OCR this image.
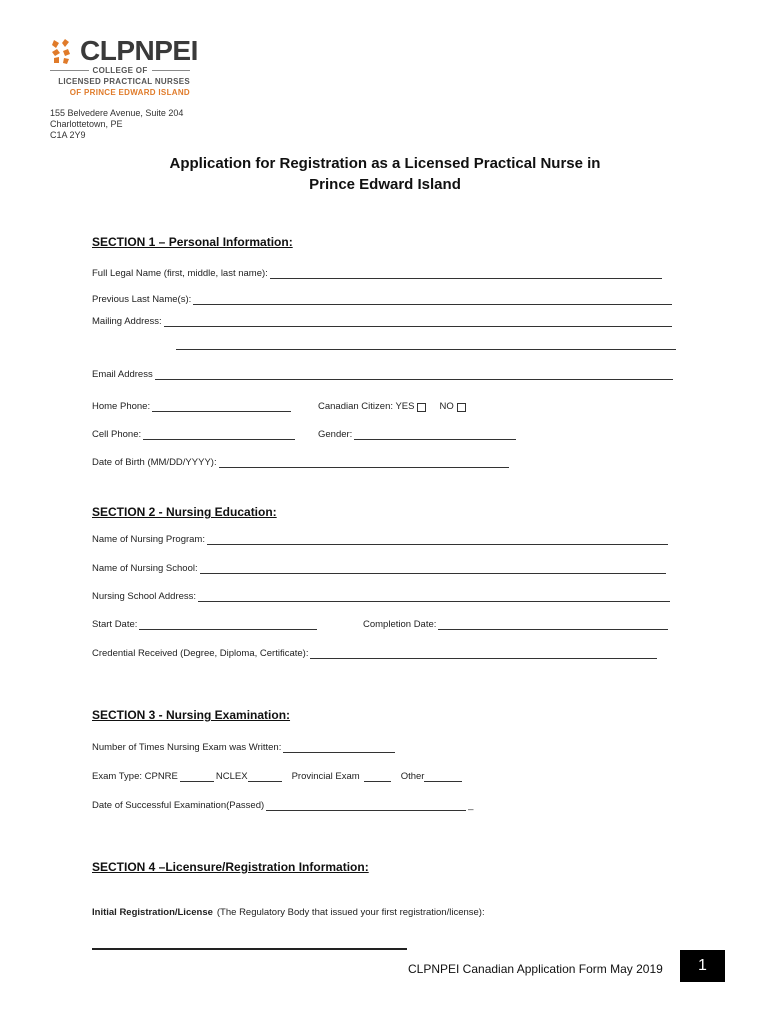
CLPNPEI
COLLEGE OF
LICENSED PRACTICAL NURSES
OF PRINCE EDWARD ISLAND
155 Belvedere Avenue, Suite 204
Charlottetown, PE
C1A 2Y9
Application for Registration as a Licensed Practical Nurse in
Prince Edward Island
SECTION 1 – Personal Information:
Full Legal Name (first, middle, last name):
Previous Last Name(s):
Mailing Address:
Email Address
Home Phone:	Canadian Citizen: YES	NO
Cell Phone:	Gender:
Date of Birth (MM/DD/YYYY):
SECTION 2 - Nursing Education:
Name of Nursing Program:
Name of Nursing School:
Nursing School Address:
Start Date:	Completion Date:
Credential Received (Degree, Diploma, Certificate):
SECTION 3 - Nursing Examination:
Number of Times Nursing Exam was Written:
Exam Type: CPNRE	NCLEX	Provincial Exam	Other
Date of Successful Examination(Passed)	_
SECTION 4 –Licensure/Registration Information:
Initial Registration/License (The Regulatory Body that issued your first registration/license):
CLPNPEI Canadian Application Form May 2019	1
